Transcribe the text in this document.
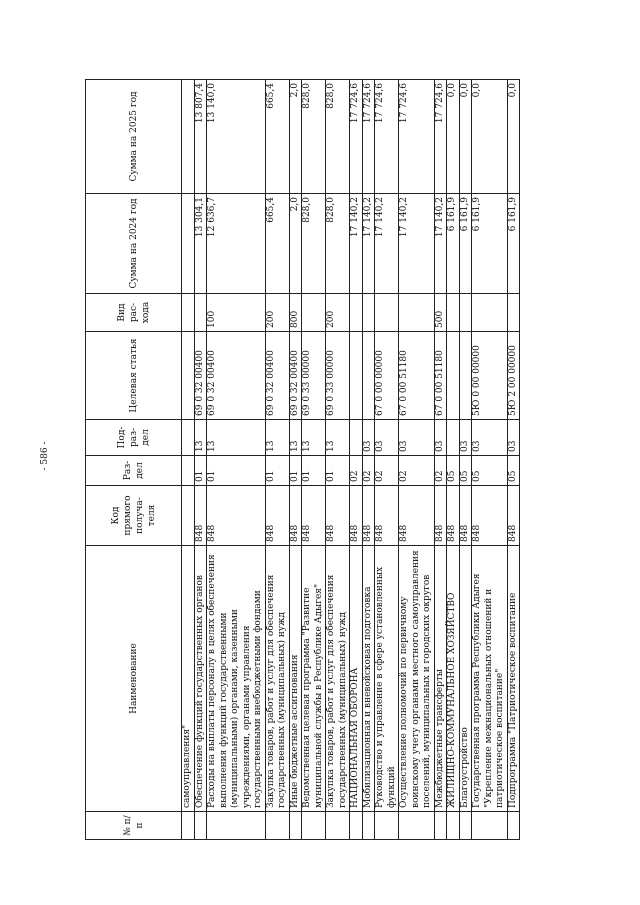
- 586 -
№ п/п	Наименование	Код прямого получа-теля	Раз-дел	Под-раз-дел	Целевая статья	Вид рас-хода	Сумма на 2024 год	Сумма на 2025 год
	самоуправления"							
	Обеспечение функций государственных органов	848	01	13	69 0 32 00400		13 304,1	13 807,4
	Расходы на выплаты персоналу в целях обеспечения выполнения функций государственными (муниципальными) органами, казенными учреждениями, органами управления государственными внебюджетными фондами	848	01	13	69 0 32 00400	100	12 636,7	13 140,0
	Закупка товаров, работ и услуг для обеспечения государственных (муниципальных) нужд	848	01	13	69 0 32 00400	200	665,4	665,4
	Иные бюджетные ассигнования	848	01	13	69 0 32 00400	800	2,0	2,0
	Ведомственная целевая программа "Развитие муниципальной службы в Республике Адыгея"	848	01	13	69 0 33 00000		828,0	828,0
	Закупка товаров, работ и услуг для обеспечения государственных (муниципальных) нужд	848	01	13	69 0 33 00000	200	828,0	828,0
	НАЦИОНАЛЬНАЯ ОБОРОНА	848	02				17 140,2	17 724,6
	Мобилизационная и вневойсковая подготовка	848	02	03			17 140,2	17 724,6
	Руководство и управление в сфере установленных функций	848	02	03	67 0 00 00000		17 140,2	17 724,6
	Осуществление полномочий по первичному воинскому учету органами местного самоуправления поселений, муниципальных и городских округов	848	02	03	67 0 00 51180		17 140,2	17 724,6
	Межбюджетные трансферты	848	02	03	67 0 00 51180	500	17 140,2	17 724,6
	ЖИЛИЩНО-КОММУНАЛЬНОЕ ХОЗЯЙСТВО	848	05				6 161,9	0,0
	Благоустройство	848	05	03			6 161,9	0,0
	Государственная программа Республики Адыгея "Укрепление межнациональных отношений и патриотическое воспитание"	848	05	03	5Ю 0 00 00000		6 161,9	0,0
	Подпрограмма "Патриотическое воспитание	848	05	03	5Ю 2 00 00000		6 161,9	0,0
